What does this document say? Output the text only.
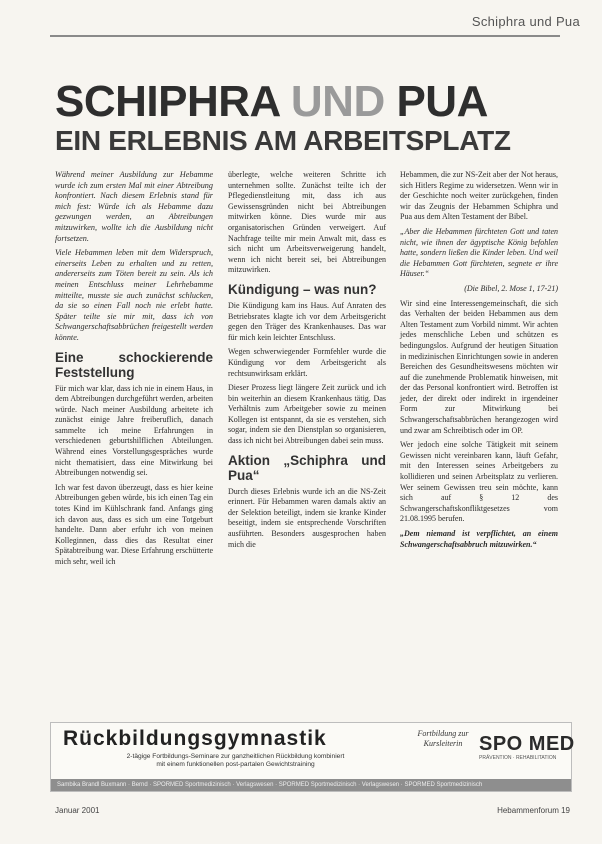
Schiphra und Pua
SCHIPHRA UND PUA
EIN ERLEBNIS AM ARBEITSPLATZ

Während meiner Ausbildung zur Hebamme wurde ich zum ersten Mal mit einer Abtreibung konfrontiert. Nach diesem Erlebnis stand für mich fest: Würde ich als Hebamme dazu gezwungen werden, an Abtreibungen mitzuwirken, wollte ich die Ausbildung nicht fortsetzen.

Viele Hebammen leben mit dem Widerspruch, einerseits Leben zu erhalten und zu retten, andererseits zum Töten bereit zu sein. Als ich meinen Entschluss meiner Lehrhebamme mitteilte, musste sie auch zunächst schlucken, da sie so einen Fall noch nie erlebt hatte. Später teilte sie mir mit, dass ich von Schwangerschaftsabbrüchen freigestellt werden könnte.

Eine schockierende Feststellung

Für mich war klar, dass ich nie in einem Haus, in dem Abtreibungen durchgeführt werden, arbeiten würde. Nach meiner Ausbildung arbeitete ich zunächst einige Jahre freiberuflich, danach sammelte ich meine Erfahrungen in verschiedenen geburtshilflichen Abteilungen. Während eines Vorstellungsgespräches wurde nicht thematisiert, dass eine Mitwirkung bei Abtreibungen notwendig sei.

Ich war fest davon überzeugt, dass es hier keine Abtreibungen geben würde, bis ich einen Tag ein totes Kind im Kühlschrank fand. Anfangs ging ich davon aus, dass es sich um eine Totgeburt handelte. Dann aber erfuhr ich von meinen Kolleginnen, dass dies das Resultat einer Spätabtreibung war. Diese Erfahrung erschütterte mich sehr, weil ich

überlegte, welche weiteren Schritte ich unternehmen sollte. Zunächst teilte ich der Pflegedienstleitung mit, dass ich aus Gewissensgründen nicht bei Abtreibungen mitwirken könne. Dies wurde mir aus organisatorischen Gründen verweigert. Auf Nachfrage teilte mir mein Anwalt mit, dass es sich nicht um Arbeitsverweigerung handelt, wenn ich nicht bereit sei, bei Abtreibungen mitzuwirken.

Kündigung – was nun?

Die Kündigung kam ins Haus. Auf Anraten des Betriebsrates klagte ich vor dem Arbeitsgericht gegen den Träger des Krankenhauses. Das war für mich kein leichter Entschluss.

Wegen schwerwiegender Formfehler wurde die Kündigung vor dem Arbeitsgericht als rechtsunwirksam erklärt.

Dieser Prozess liegt längere Zeit zurück und ich bin weiterhin an diesem Krankenhaus tätig. Das Verhältnis zum Arbeitgeber sowie zu meinen Kollegen ist entspannt, da sie es verstehen, sich sogar, indem sie den Dienstplan so organisieren, dass ich nicht bei Abtreibungen dabei sein muss.

Aktion „Schiphra und Pua“

Durch dieses Erlebnis wurde ich an die NS-Zeit erinnert. Für Hebammen waren damals aktiv an der Selektion beteiligt, indem sie kranke Kinder beseitigt, indem sie entsprechende Vorschriften ausführten. Besonders ausgesprochen haben mich die

Hebammen, die zur NS-Zeit aber der Not heraus, sich Hitlers Regime zu widersetzen. Wenn wir in der Geschichte noch weiter zurückgehen, finden wir das Zeugnis der Hebammen Schiphra und Pua aus dem Alten Testament der Bibel.

„Aber die Hebammen fürchteten Gott und taten nicht, wie ihnen der ägyptische König befohlen hatte, sondern ließen die Kinder leben. Und weil die Hebammen Gott fürchteten, segnete er ihre Häuser.“

(Die Bibel, 2. Mose 1, 17-21)

Wir sind eine Interessengemeinschaft, die sich das Verhalten der beiden Hebammen aus dem Alten Testament zum Vorbild nimmt. Wir achten jedes menschliche Leben und schützen es bedingungslos. Aufgrund der heutigen Situation in medizinischen Einrichtungen sowie in anderen Bereichen des Gesundheitswesens möchten wir auf die zunehmende Problematik hinweisen, mit der das Personal konfrontiert wird. Betroffen ist jeder, der direkt oder indirekt in irgendeiner Form zur Mitwirkung bei Schwangerschaftsabbrüchen herangezogen wird und zwar am Schreibtisch oder im OP.

Wer jedoch eine solche Tätigkeit mit seinem Gewissen nicht vereinbaren kann, läuft Gefahr, mit den Interessen seines Arbeitgebers zu kollidieren und seinen Arbeitsplatz zu verlieren. Wer seinem Gewissen treu sein möchte, kann sich auf § 12 des Schwangerschaftskonfliktgesetzes vom 21.08.1995 berufen.

„Dem niemand ist verpflichtet, an einem Schwangerschaftsabbruch mitzuwirken.“

Rückbildungsgymnastik
2-tägige Fortbildungs-Seminare zur ganzheitlichen Rückbildung kombiniert
mit einem funktionellen post-partalen Gewichtstraining
Fortbildung zur Kursleiterin SPO MED
PRÄVENTION · REHABILITATION
Sambika Brandl Buxmann · Bernd · SPORMED Sportmedizinisch · Verlagswesen · SPORMED Sportmedizinisch · Verlagswesen · SPORMED Sportmedizinisch
Januar 2001	Hebammenforum 19
